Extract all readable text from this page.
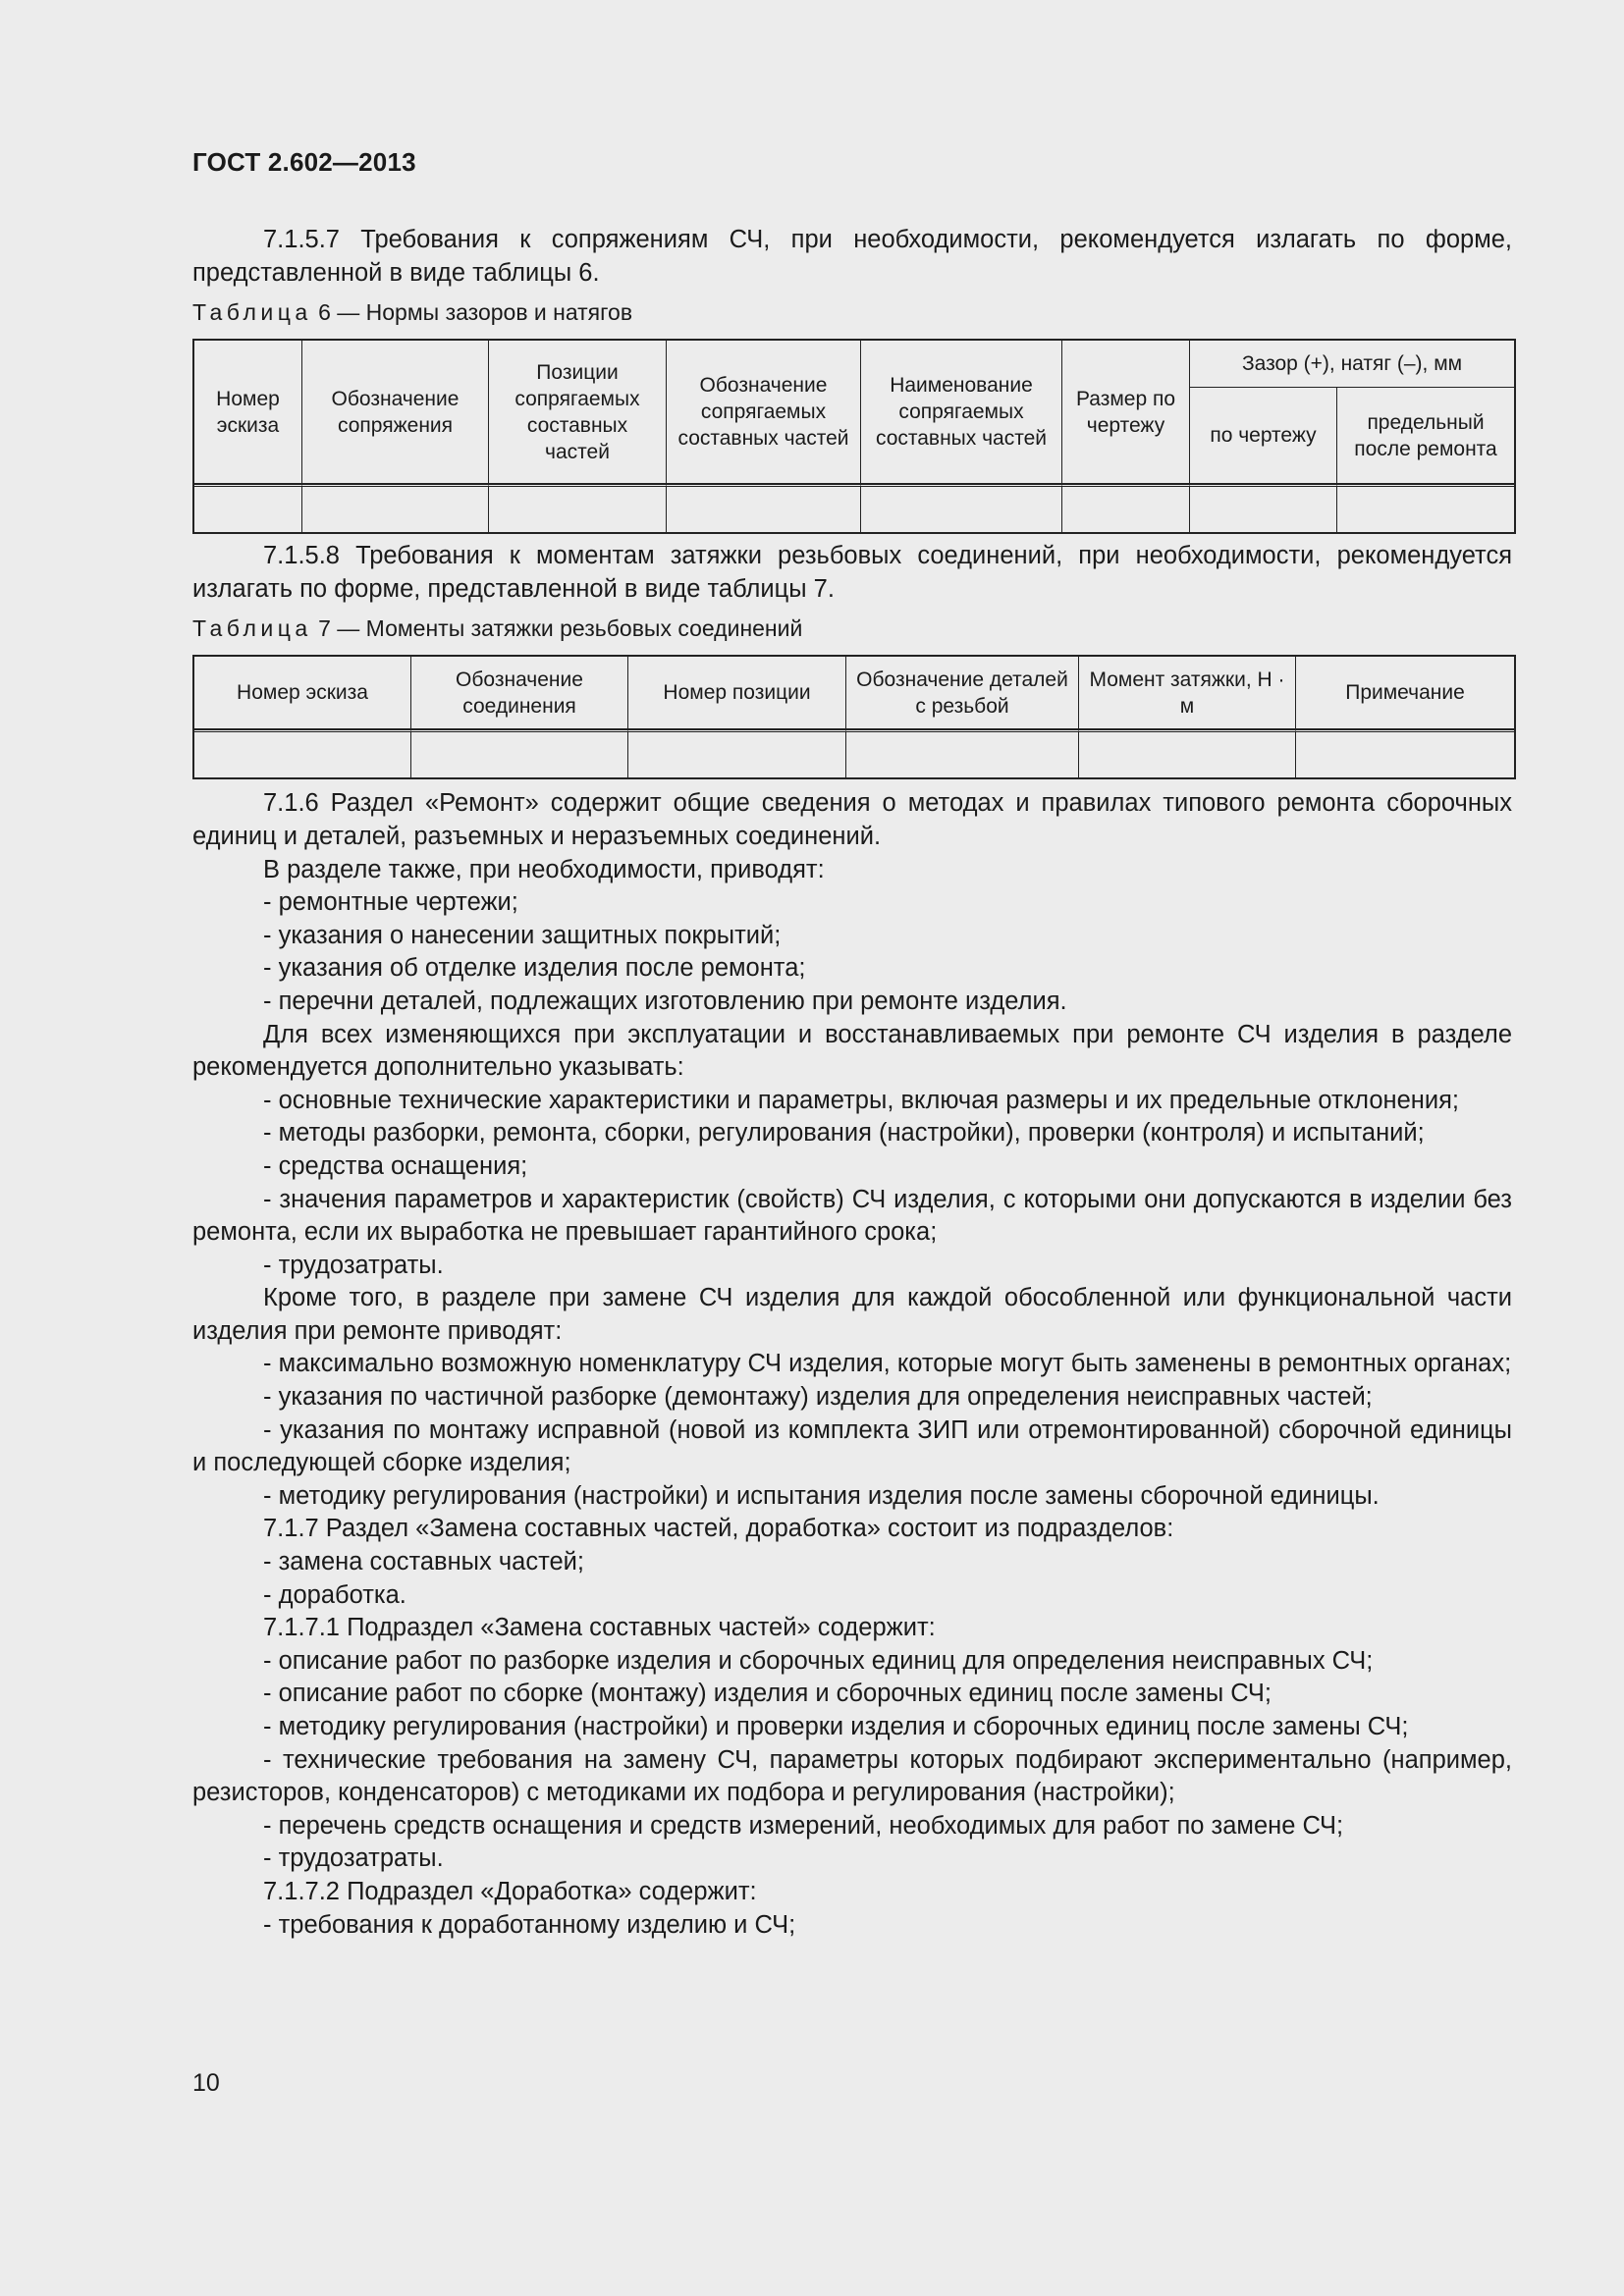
ГОСТ 2.602—2013

7.1.5.7 Требования к сопряжениям СЧ, при необходимости, рекомендуется излагать по форме, представленной в виде таблицы 6.

Таблица 6 — Нормы зазоров и натягов
Номер эскиза	Обозначение сопряжения	Позиции сопрягаемых составных частей	Обозначение сопрягаемых составных частей	Наименование сопрягаемых составных частей	Размер по чертежу	Зазор (+), натяг (–), мм	
						по чертежу	предельный после ремонта

7.1.5.8 Требования к моментам затяжки резьбовых соединений, при необходимости, рекомендуется излагать по форме, представленной в виде таблицы 7.

Таблица 7 — Моменты затяжки резьбовых соединений
Номер эскиза	Обозначение соединения	Номер позиции	Обозначение деталей с резьбой	Момент затяжки, Н · м	Примечание

7.1.6 Раздел «Ремонт» содержит общие сведения о методах и правилах типового ремонта сборочных единиц и деталей, разъемных и неразъемных соединений.

В разделе также, при необходимости, приводят:

- ремонтные чертежи;

- указания о нанесении защитных покрытий;

- указания об отделке изделия после ремонта;

- перечни деталей, подлежащих изготовлению при ремонте изделия.

Для всех изменяющихся при эксплуатации и восстанавливаемых при ремонте СЧ изделия в разделе рекомендуется дополнительно указывать:

- основные технические характеристики и параметры, включая размеры и их предельные отклонения;

- методы разборки, ремонта, сборки, регулирования (настройки), проверки (контроля) и испытаний;

- средства оснащения;

- значения параметров и характеристик (свойств) СЧ изделия, с которыми они допускаются в изделии без ремонта, если их выработка не превышает гарантийного срока;

- трудозатраты.

Кроме того, в разделе при замене СЧ изделия для каждой обособленной или функциональной части изделия при ремонте приводят:

- максимально возможную номенклатуру СЧ изделия, которые могут быть заменены в ремонтных органах;

- указания по частичной разборке (демонтажу) изделия для определения неисправных частей;

- указания по монтажу исправной (новой из комплекта ЗИП или отремонтированной) сборочной единицы и последующей сборке изделия;

- методику регулирования (настройки) и испытания изделия после замены сборочной единицы.

7.1.7 Раздел «Замена составных частей, доработка» состоит из подразделов:

- замена составных частей;

- доработка.

7.1.7.1 Подраздел «Замена составных частей» содержит:

- описание работ по разборке изделия и сборочных единиц для определения неисправных СЧ;

- описание работ по сборке (монтажу) изделия и сборочных единиц после замены СЧ;

- методику регулирования (настройки) и проверки изделия и сборочных единиц после замены СЧ;

- технические требования на замену СЧ, параметры которых подбирают экспериментально (например, резисторов, конденсаторов) с методиками их подбора и регулирования (настройки);

- перечень средств оснащения и средств измерений, необходимых для работ по замене СЧ;

- трудозатраты.

7.1.7.2 Подраздел «Доработка» содержит:

- требования к доработанному изделию и СЧ;

10
